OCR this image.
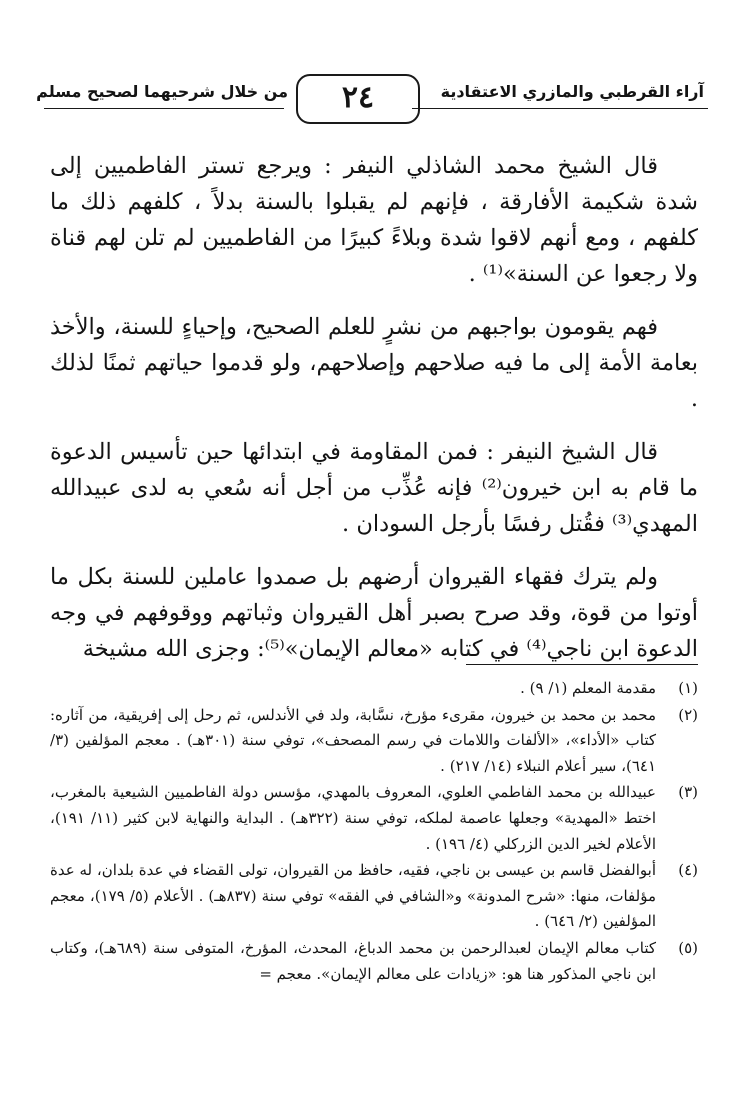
آراء القرطبي والمازري الاعتقادية
٢٤
من خلال شرحيهما لصحيح مسلم

قال الشيخ محمد الشاذلي النيفر : ويرجع تستر الفاطميين إلى شدة شكيمة الأفارقة ، فإنهم لم يقبلوا بالسنة بدلاً ، كلفهم ذلك ما كلفهم ، ومع أنهم لاقوا شدة وبلاءً كبيرًا من الفاطميين لم تلن لهم قناة ولا رجعوا عن السنة»⁽¹⁾ .

فهم يقومون بواجبهم من نشرٍ للعلم الصحيح، وإحياءٍ للسنة، والأخذ بعامة الأمة إلى ما فيه صلاحهم وإصلاحهم، ولو قدموا حياتهم ثمنًا لذلك .

قال الشيخ النيفر : فمن المقاومة في ابتدائها حين تأسيس الدعوة ما قام به ابن خيرون⁽²⁾ فإنه عُذِّب من أجل أنه سُعي به لدى عبيدالله المهدي⁽³⁾ فقُتل رفسًا بأرجل السودان .

ولم يترك فقهاء القيروان أرضهم بل صمدوا عاملين للسنة بكل ما أوتوا من قوة، وقد صرح بصبر أهل القيروان وثباتهم ووقوفهم في وجه الدعوة ابن ناجي⁽⁴⁾ في كتابه «معالم الإيمان»⁽⁵⁾: وجزى الله مشيخة

(١)
مقدمة المعلم (١/ ٩) .
(٢)
محمد بن محمد بن خيرون، مقرىء مؤرخ، نسَّابة، ولد في الأندلس، ثم رحل إلى إفريقية، من آثاره: كتاب «الأداء»، «الألفات واللامات في رسم المصحف»، توفي سنة (٣٠١هـ) . معجم المؤلفين (٣/ ٦٤١)، سير أعلام النبلاء (١٤/ ٢١٧) .
(٣)
عبيدالله بن محمد الفاطمي العلوي، المعروف بالمهدي، مؤسس دولة الفاطميين الشيعية بالمغرب، اختط «المهدية» وجعلها عاصمة لملكه، توفي سنة (٣٢٢هـ) . البداية والنهاية لابن كثير (١١/ ١٩١)، الأعلام لخير الدين الزركلي (٤/ ١٩٦) .
(٤)
أبوالفضل قاسم بن عيسى بن ناجي، فقيه، حافظ من القيروان، تولى القضاء في عدة بلدان، له عدة مؤلفات، منها: «شرح المدونة» و«الشافي في الفقه» توفي سنة (٨٣٧هـ) . الأعلام (٥/ ١٧٩)، معجم المؤلفين (٢/ ٦٤٦) .
(٥)
كتاب معالم الإيمان لعبدالرحمن بن محمد الدباغ، المحدث، المؤرخ، المتوفى سنة (٦٨٩هـ)، وكتاب ابن ناجي المذكور هنا هو: «زيادات على معالم الإيمان». معجم =
